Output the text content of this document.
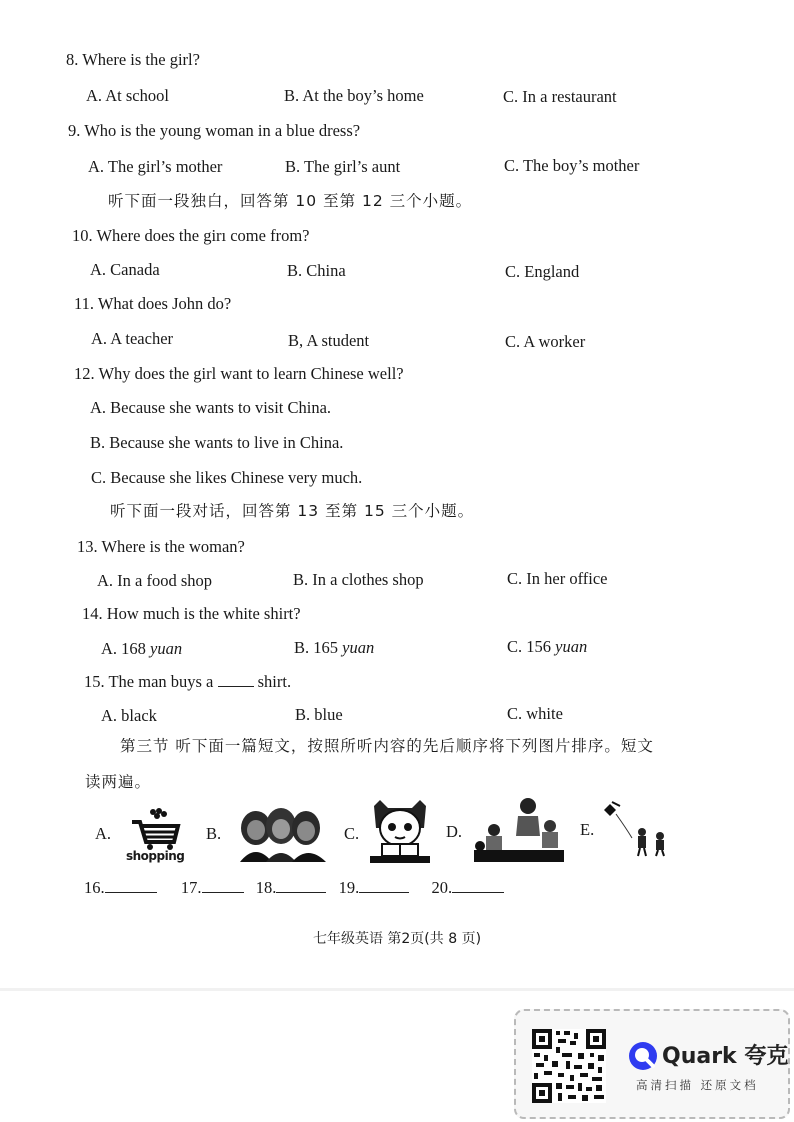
8. Where is the girl?
A. At school	B. At the boy’s home	C. In a restaurant
9. Who is the young woman in a blue dress?
A. The girl’s mother	B. The girl’s aunt	C. The boy’s mother
听下面一段独白，回答第 10 至第 12 三个小题。
10. Where does the girı come from?
A. Canada	B. China	C. England
11. What does John do?
A. A teacher	B, A student	C. A worker
12. Why does the girl want to learn Chinese well?
A. Because she wants to visit China.
B. Because she wants to live in China.
C. Because she likes Chinese very much.
听下面一段对话，回答第 13 至第 15 三个小题。
13. Where is the woman?
A. In a food shop	B. In a clothes shop	C. In her office
14. How much is the white shirt?
A. 168 yuan	B. 165 yuan	C. 156 yuan
15. The man buys a  shirt.
A. black	B. blue	C. white
第三节 听下面一篇短文，按照所听内容的先后顺序将下列图片排序。短文
读两遍。
A.
shopping
B.	C.	D.	E.
16.	17.	18.	19.	20.
七年级英语 第2页(共 8 页)
Quark 夸克
高清扫描 还原文档
